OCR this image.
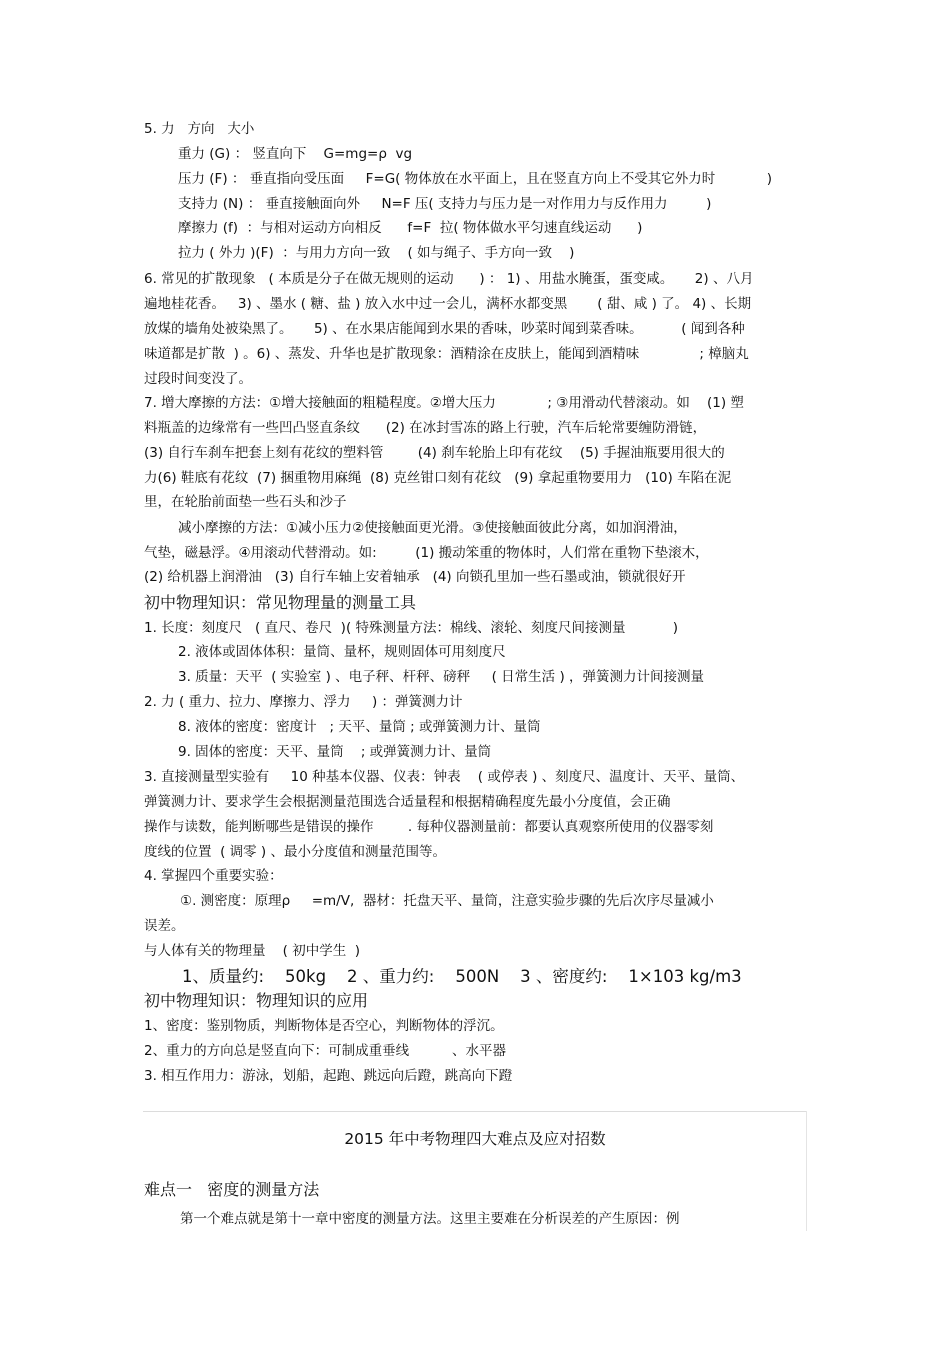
5. 力   方向   大小
重力 (G) ： 竖直向下    G=mg=ρ  vg
压力 (F) ： 垂直指向受压面     F=G( 物体放在水平面上，且在竖直方向上不受其它外力时            )
支持力 (N) ： 垂直接触面向外     N=F 压( 支持力与压力是一对作用力与反作用力         )
摩擦力 (f)  ：与相对运动方向相反      f=F  拉( 物体做水平匀速直线运动      )
拉力 ( 外力 )(F)  ：与用力方向一致    ( 如与绳子、手方向一致    )
6. 常见的扩散现象   ( 本质是分子在做无规则的运动      ) ： 1) 、用盐水腌蛋，蛋变咸。     2) 、八月
遍地桂花香。   3) 、墨水 ( 糖、盐 ) 放入水中过一会儿，满杯水都变黑       ( 甜、咸 ) 了。 4) 、长期
放煤的墙角处被染黑了。     5) 、在水果店能闻到水果的香味，吵菜时闻到菜香味。         ( 闻到各种
味道都是扩散  ) 。6) 、蒸发、升华也是扩散现象：酒精涂在皮肤上，能闻到酒精味              ; 樟脑丸
过段时间变没了。
7. 增大摩擦的方法：①增大接触面的粗糙程度。②增大压力            ; ③用滑动代替滚动。如    (1) 塑
料瓶盖的边缘常有一些凹凸竖直条纹      (2) 在冰封雪冻的路上行驶，汽车后轮常要缠防滑链，
(3) 自行车刹车把套上刻有花纹的塑料管        (4) 刹车轮胎上印有花纹    (5) 手握油瓶要用很大的
力(6) 鞋底有花纹  (7) 捆重物用麻绳  (8) 克丝钳口刻有花纹   (9) 拿起重物要用力   (10) 车陷在泥
里，在轮胎前面垫一些石头和沙子
减小摩擦的方法：①减小压力②使接触面更光滑。③使接触面彼此分离，如加润滑油，
气垫，磁悬浮。④用滚动代替滑动。如:         (1) 搬动笨重的物体时，人们常在重物下垫滚木，
(2) 给机器上润滑油   (3) 自行车轴上安着轴承   (4) 向锁孔里加一些石墨或油，锁就很好开
初中物理知识：常见物理量的测量工具
1. 长度：刻度尺   ( 直尺、卷尺  )( 特殊测量方法：棉线、滚轮、刻度尺间接测量           )
2. 液体或固体体积：量筒、量杯，规则固体可用刻度尺
3. 质量：天平  ( 实验室 ) 、电子秤、杆秤、磅秤     ( 日常生活 ) ，弹簧测力计间接测量
2. 力 ( 重力、拉力、摩擦力、浮力     ) ：弹簧测力计
8. 液体的密度：密度计   ; 天平、量筒 ; 或弹簧测力计、量筒
9. 固体的密度：天平、量筒    ; 或弹簧测力计、量筒
3. 直接测量型实验有     10 种基本仪器、仪表：钟表    ( 或停表 ) 、刻度尺、温度计、天平、量筒、
弹簧测力计、要求学生会根据测量范围选合适量程和根据精确程度先最小分度值，会正确
操作与读数，能判断哪些是错误的操作        . 每种仪器测量前：都要认真观察所使用的仪器零刻
度线的位置  ( 调零 ) 、最小分度值和测量范围等。
4. 掌握四个重要实验：
①. 测密度：原理ρ     =m/V,  器材：托盘天平、量筒，注意实验步骤的先后次序尽量减小
误差。
与人体有关的物理量    ( 初中学生  )
1、质量约:    50kg    2 、重力约:    500N    3 、密度约:    1×103 kg/m3
初中物理知识：物理知识的应用
1、密度：鉴别物质，判断物体是否空心，判断物体的浮沉。
2、重力的方向总是竖直向下：可制成重垂线          、水平器
3. 相互作用力：游泳，划船，起跑、跳远向后蹬，跳高向下蹬
2015 年中考物理四大难点及应对招数
难点一   密度的测量方法
第一个难点就是第十一章中密度的测量方法。这里主要难在分析误差的产生原因：例
